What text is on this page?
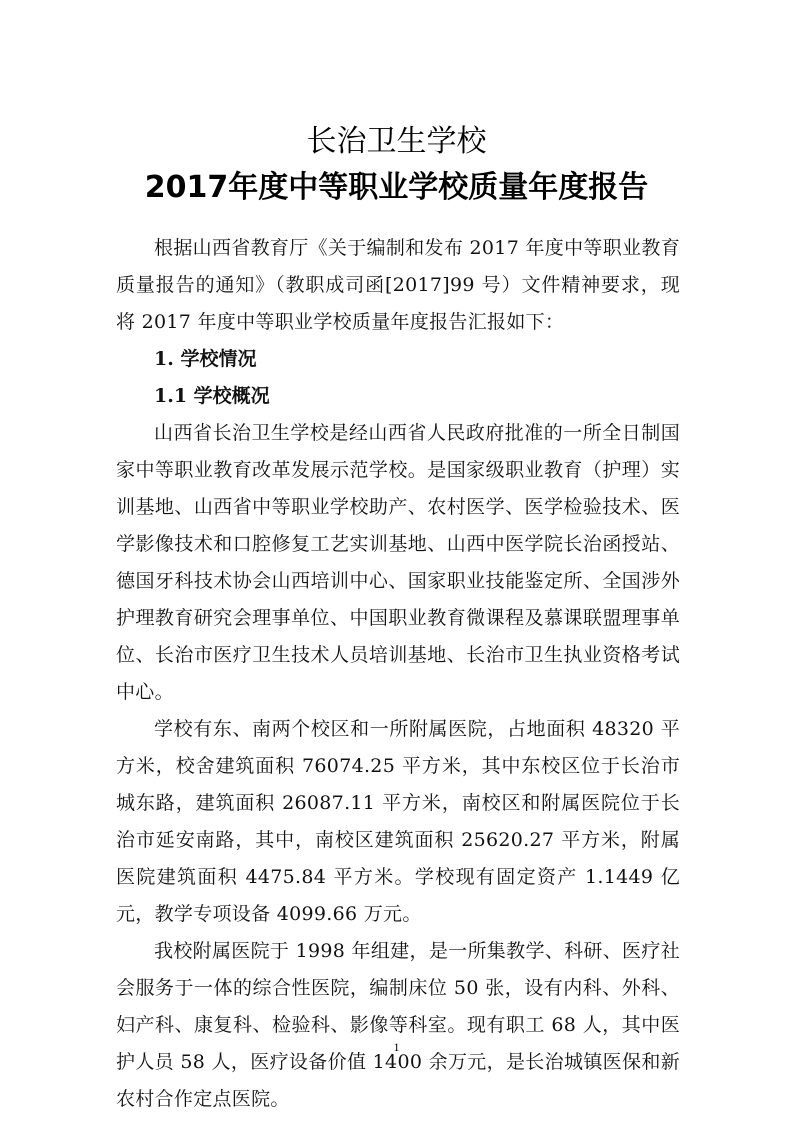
长治卫生学校
2017年度中等职业学校质量年度报告

根据山西省教育厅《关于编制和发布 2017 年度中等职业教育质量报告的通知》（教职成司函[2017]99 号）文件精神要求，现将 2017 年度中等职业学校质量年度报告汇报如下：

1. 学校情况

1.1 学校概况

山西省长治卫生学校是经山西省人民政府批准的一所全日制国家中等职业教育改革发展示范学校。是国家级职业教育（护理）实训基地、山西省中等职业学校助产、农村医学、医学检验技术、医学影像技术和口腔修复工艺实训基地、山西中医学院长治函授站、德国牙科技术协会山西培训中心、国家职业技能鉴定所、全国涉外护理教育研究会理事单位、中国职业教育微课程及慕课联盟理事单位、长治市医疗卫生技术人员培训基地、长治市卫生执业资格考试中心。

学校有东、南两个校区和一所附属医院，占地面积 48320 平方米，校舍建筑面积 76074.25 平方米，其中东校区位于长治市城东路，建筑面积 26087.11 平方米，南校区和附属医院位于长治市延安南路，其中，南校区建筑面积 25620.27 平方米，附属医院建筑面积 4475.84 平方米。学校现有固定资产 1.1449 亿元，教学专项设备 4099.66 万元。

我校附属医院于 1998 年组建，是一所集教学、科研、医疗社会服务于一体的综合性医院，编制床位 50 张，设有内科、外科、妇产科、康复科、检验科、影像等科室。现有职工 68 人，其中医护人员 58 人，医疗设备价值 1400 余万元，是长治城镇医保和新农村合作定点医院。

1
